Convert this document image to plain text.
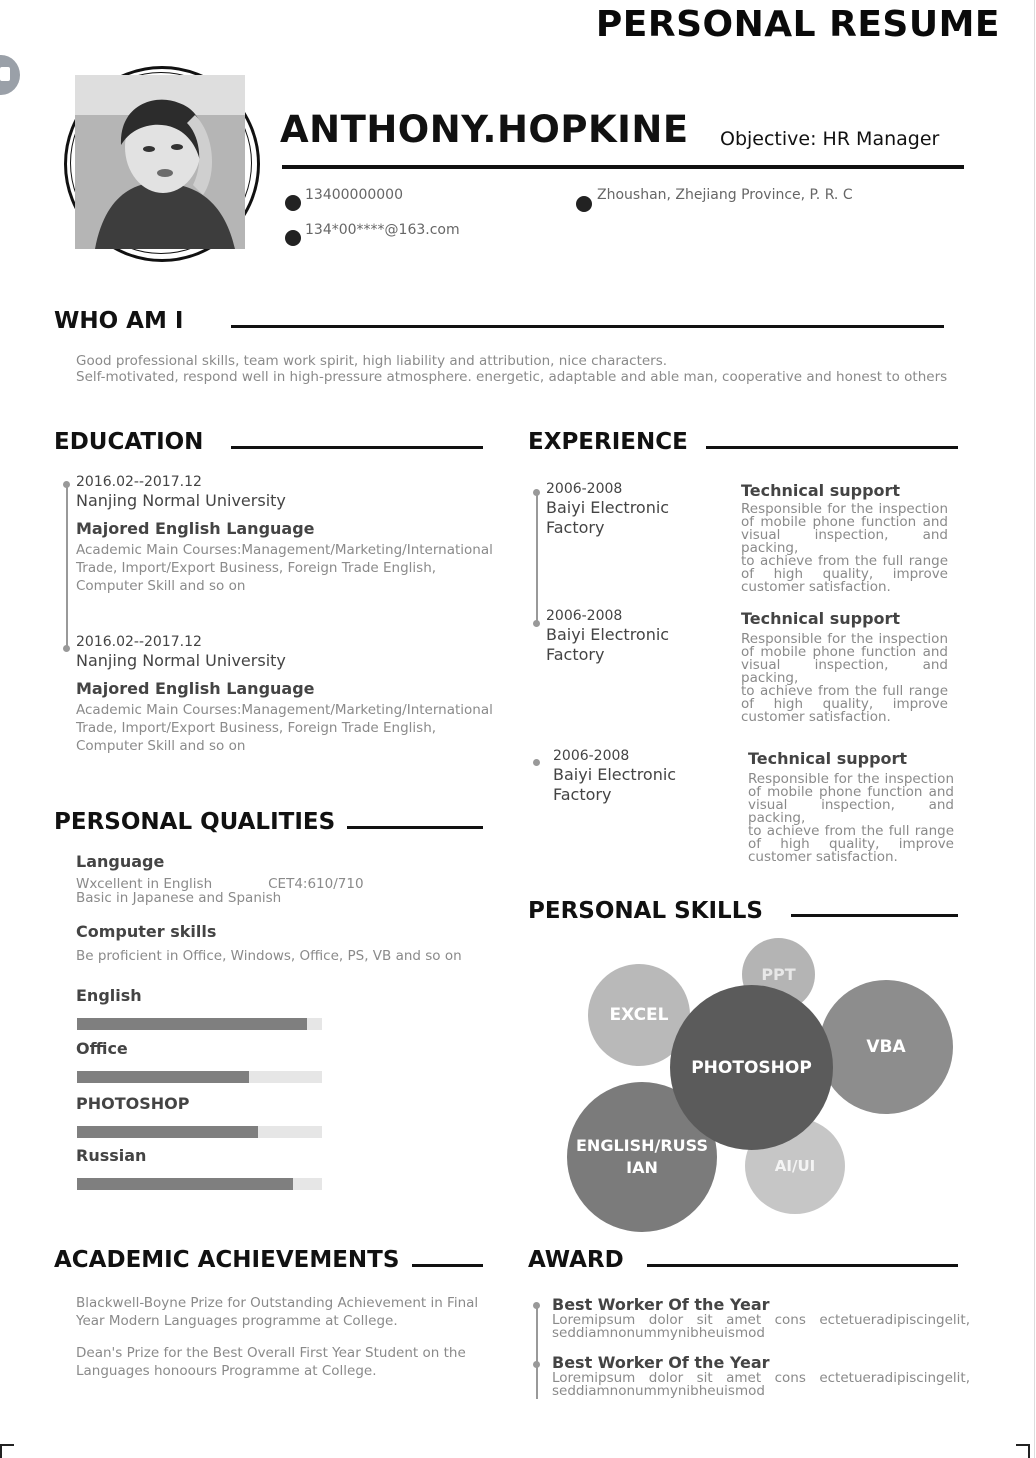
PERSONAL RESUME
ANTHONY.HOPKINE Objective: HR Manager
13400000000
134*00****@163.com
Zhoushan, Zhejiang Province, P. R. C
WHO AM I
Good professional skills, team work spirit, high liability and attribution, nice characters.
Self-motivated, respond well in high-pressure atmosphere. energetic, adaptable and able man, cooperative and honest to others
EDUCATION
2016.02--2017.12
Nanjing Normal University
Majored English Language
Academic Main Courses:Management/Marketing/International
Trade, Import/Export Business, Foreign Trade English,
Computer Skill and so on
2016.02--2017.12
Nanjing Normal University
Majored English Language
Academic Main Courses:Management/Marketing/International
Trade, Import/Export Business, Foreign Trade English,
Computer Skill and so on
EXPERIENCE
2006-2008
Baiyi Electronic
Factory
Technical support
Responsible for the inspection
of mobile phone function and
visual inspection, and packing,
to achieve from the full range
of high quality, improve
customer satisfaction.
2006-2008
Baiyi Electronic
Factory
Technical support
Responsible for the inspection
of mobile phone function and
visual inspection, and packing,
to achieve from the full range
of high quality, improve
customer satisfaction.
2006-2008
Baiyi Electronic
Factory
Technical support
Responsible for the inspection
of mobile phone function and
visual inspection, and packing,
to achieve from the full range
of high quality, improve
customer satisfaction.
PERSONAL QUALITIES
Language
Wxcellent in English	CET4:610/710
Basic in Japanese and Spanish
Computer skills
Be proficient in Office, Windows, Office, PS, VB and so on
English
Office
PHOTOSHOP
Russian
PERSONAL SKILLS
PPT
EXCEL
VBA
AI/UI
ENGLISH/RUSS
IAN
PHOTOSHOP
ACADEMIC ACHIEVEMENTS
Blackwell-Boyne Prize for Outstanding Achievement in Final
Year Modern Languages programme at College.
Dean's Prize for the Best Overall First Year Student on the
Languages honoours Programme at College.
AWARD
Best Worker Of the Year
Loremipsum dolor sit amet cons ectetueradipiscingelit,
seddiamnonummynibheuismod
Best Worker Of the Year
Loremipsum dolor sit amet cons ectetueradipiscingelit,
seddiamnonummynibheuismod
